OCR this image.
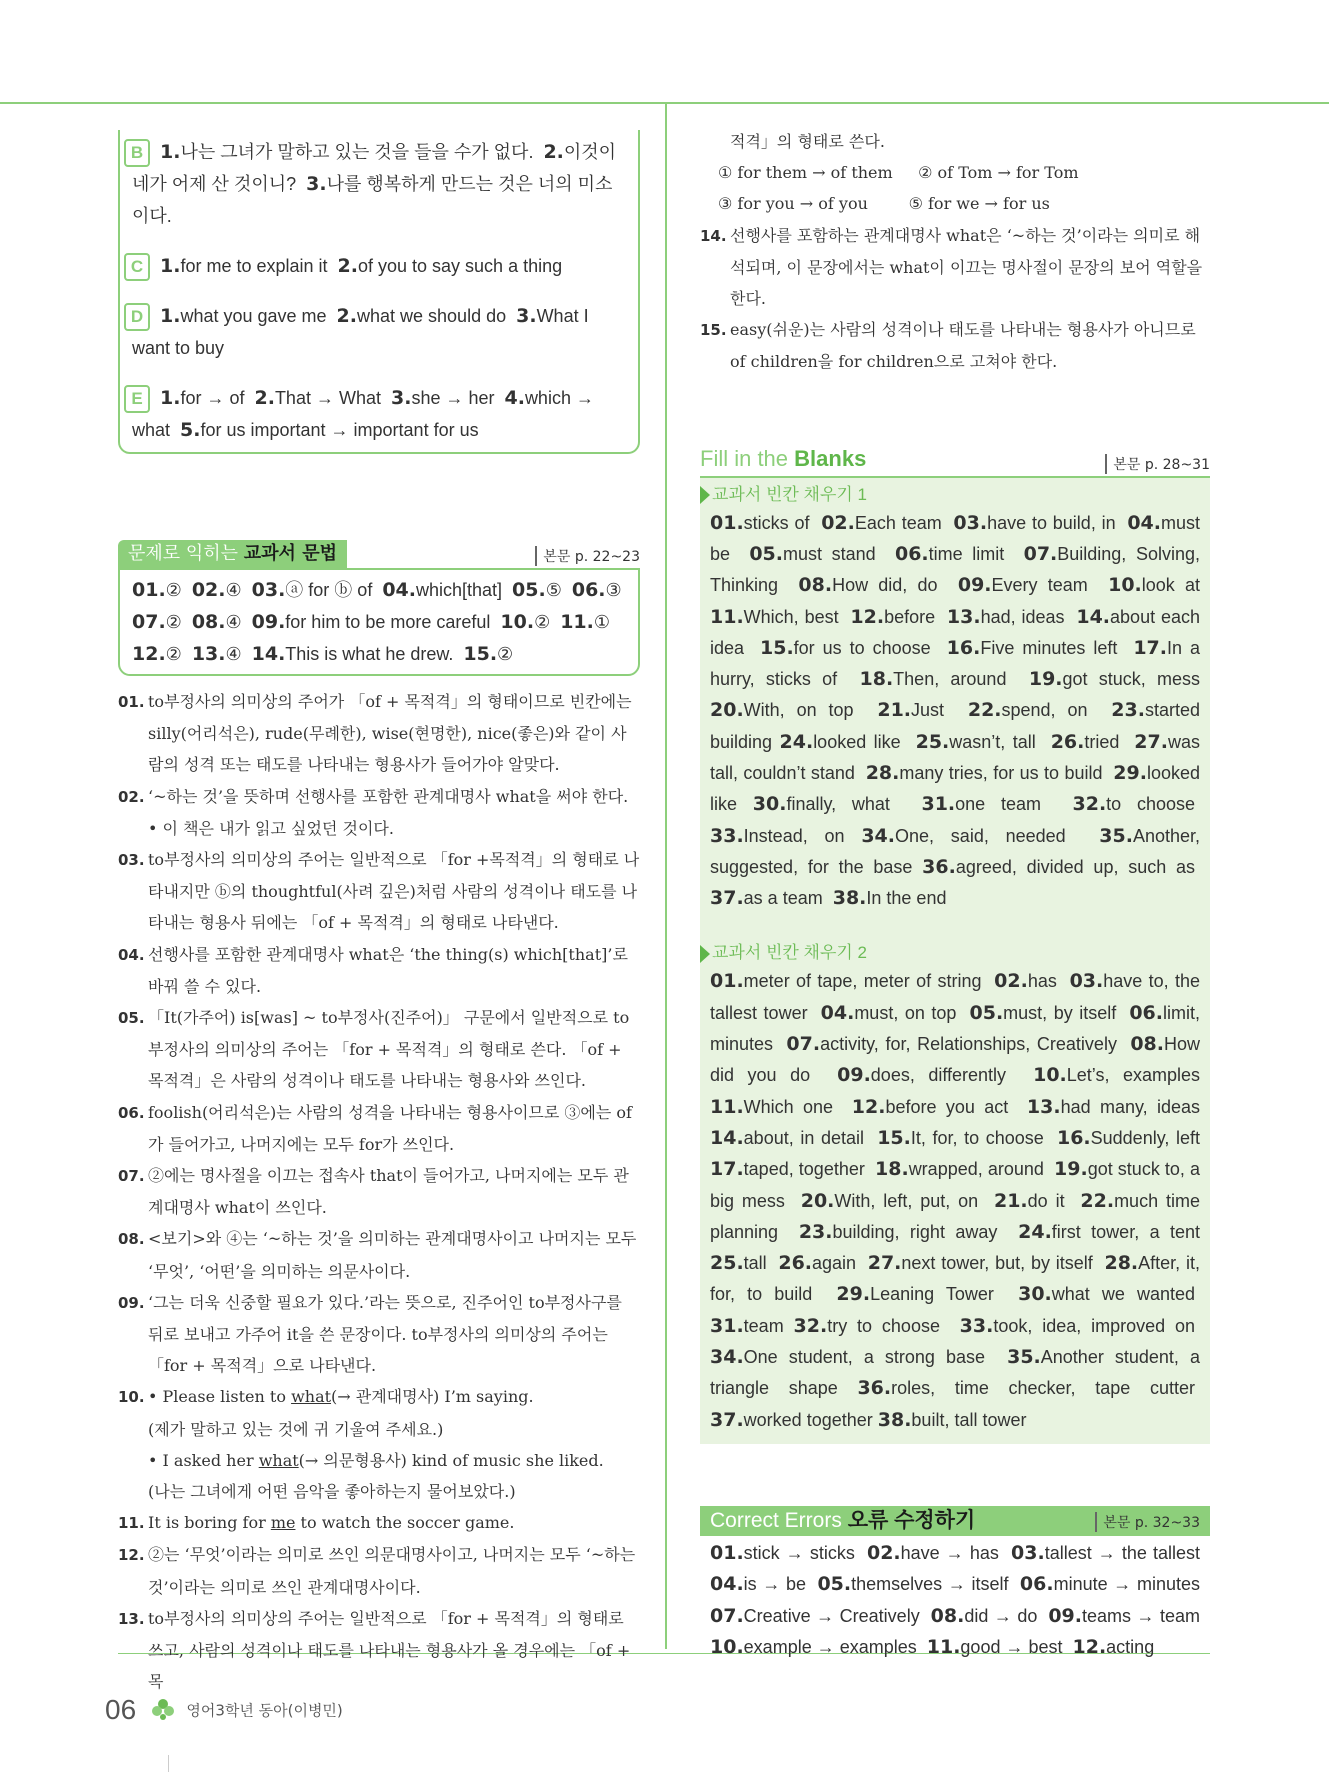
B 1.나는 그녀가 말하고 있는 것을 들을 수가 없다.  2.이것이 네가 어제 산 것이니?  3.나를 행복하게 만드는 것은 너의 미소이다.
C 1.for me to explain it  2.of you to say such a thing
D 1.what you gave me  2.what we should do  3.What I want to buy
E 1.for → of  2.That → What  3.she → her  4.which → what  5.for us important → important for us
문제로 익히는 교과서 문법	본문 p. 22~23
01.②  02.④  03.ⓐ for ⓑ of  04.which[that]  05.⑤  06.③ 07.②  08.④  09.for him to be more careful  10.②  11.① 12.②  13.④  14.This is what he drew.  15.②
01. to부정사의 의미상의 주어가 「of + 목적격」의 형태이므로 빈칸에는 silly(어리석은), rude(무례한), wise(현명한), nice(좋은)와 같이 사람의 성격 또는 태도를 나타내는 형용사가 들어가야 알맞다.
02. ‘~하는 것’을 뜻하며 선행사를 포함한 관계대명사 what을 써야 한다.
• 이 책은 내가 읽고 싶었던 것이다.
03. to부정사의 의미상의 주어는 일반적으로 「for +목적격」의 형태로 나타내지만 ⓑ의 thoughtful(사려 깊은)처럼 사람의 성격이나 태도를 나타내는 형용사 뒤에는 「of + 목적격」의 형태로 나타낸다.
04. 선행사를 포함한 관계대명사 what은 ‘the thing(s) which[that]’로 바꿔 쓸 수 있다.
05. 「It(가주어) is[was] ~ to부정사(진주어)」 구문에서 일반적으로 to부정사의 의미상의 주어는 「for + 목적격」의 형태로 쓴다. 「of + 목적격」은 사람의 성격이나 태도를 나타내는 형용사와 쓰인다.
06. foolish(어리석은)는 사람의 성격을 나타내는 형용사이므로 ③에는 of가 들어가고, 나머지에는 모두 for가 쓰인다.
07. ②에는 명사절을 이끄는 접속사 that이 들어가고, 나머지에는 모두 관계대명사 what이 쓰인다.
08. <보기>와 ④는 ‘~하는 것’을 의미하는 관계대명사이고 나머지는 모두 ‘무엇’, ‘어떤’을 의미하는 의문사이다.
09. ‘그는 더욱 신중할 필요가 있다.’라는 뜻으로, 진주어인 to부정사구를 뒤로 보내고 가주어 it을 쓴 문장이다. to부정사의 의미상의 주어는 「for + 목적격」으로 나타낸다.
10. • Please listen to what(→ 관계대명사) I’m saying.
(제가 말하고 있는 것에 귀 기울여 주세요.)
• I asked her what(→ 의문형용사) kind of music she liked.
(나는 그녀에게 어떤 음악을 좋아하는지 물어보았다.)
11. It is boring for me to watch the soccer game.
12. ②는 ‘무엇’이라는 의미로 쓰인 의문대명사이고, 나머지는 모두 ‘~하는 것’이라는 의미로 쓰인 관계대명사이다.
13. to부정사의 의미상의 주어는 일반적으로 「for + 목적격」의 형태로 쓰고, 사람의 성격이나 태도를 나타내는 형용사가 올 경우에는 「of + 목
적격」의 형태로 쓴다.
① for them → of them     ② of Tom → for Tom
③ for you → of you        ⑤ for we → for us
14. 선행사를 포함하는 관계대명사 what은 ‘~하는 것’이라는 의미로 해석되며, 이 문장에서는 what이 이끄는 명사절이 문장의 보어 역할을 한다.
15. easy(쉬운)는 사람의 성격이나 태도를 나타내는 형용사가 아니므로 of children을 for children으로 고쳐야 한다.
Fill in the Blanks	본문 p. 28~31
교과서 빈칸 채우기 1
01.sticks of  02.Each team  03.have to build, in  04.must be  05.must stand  06.time limit  07.Building, Solving, Thinking  08.How did, do  09.Every team  10.look at 11.Which, best  12.before  13.had, ideas  14.about each idea  15.for us to choose  16.Five minutes left  17.In a hurry, sticks of  18.Then, around  19.got stuck, mess 20.With, on top  21.Just  22.spend, on  23.started building 24.looked like  25.wasn’t, tall  26.tried  27.was tall, couldn’t stand  28.many tries, for us to build  29.looked like 30.finally, what  31.one team  32.to choose  33.Instead, on 34.One, said, needed  35.Another, suggested, for the base 36.agreed, divided up, such as  37.as a team  38.In the end
교과서 빈칸 채우기 2
01.meter of tape, meter of string  02.has  03.have to, the tallest tower  04.must, on top  05.must, by itself  06.limit, minutes  07.activity, for, Relationships, Creatively  08.How did you do  09.does, differently  10.Let’s, examples 11.Which one  12.before you act  13.had many, ideas 14.about, in detail  15.It, for, to choose  16.Suddenly, left 17.taped, together  18.wrapped, around  19.got stuck to, a big mess  20.With, left, put, on  21.do it  22.much time planning  23.building, right away  24.first tower, a tent 25.tall  26.again  27.next tower, but, by itself  28.After, it, for, to build  29.Leaning Tower  30.what we wanted  31.team 32.try to choose  33.took, idea, improved on  34.One student, a strong base  35.Another student, a triangle shape 36.roles, time checker, tape cutter  37.worked together 38.built, tall tower
Correct Errors 오류 수정하기	본문 p. 32~33
01.stick → sticks  02.have → has  03.tallest → the tallest 04.is → be  05.themselves → itself  06.minute → minutes 07.Creative → Creatively  08.did → do  09.teams → team 10.example → examples  11.good → best  12.acting
06	영어3학년 동아(이병민)
